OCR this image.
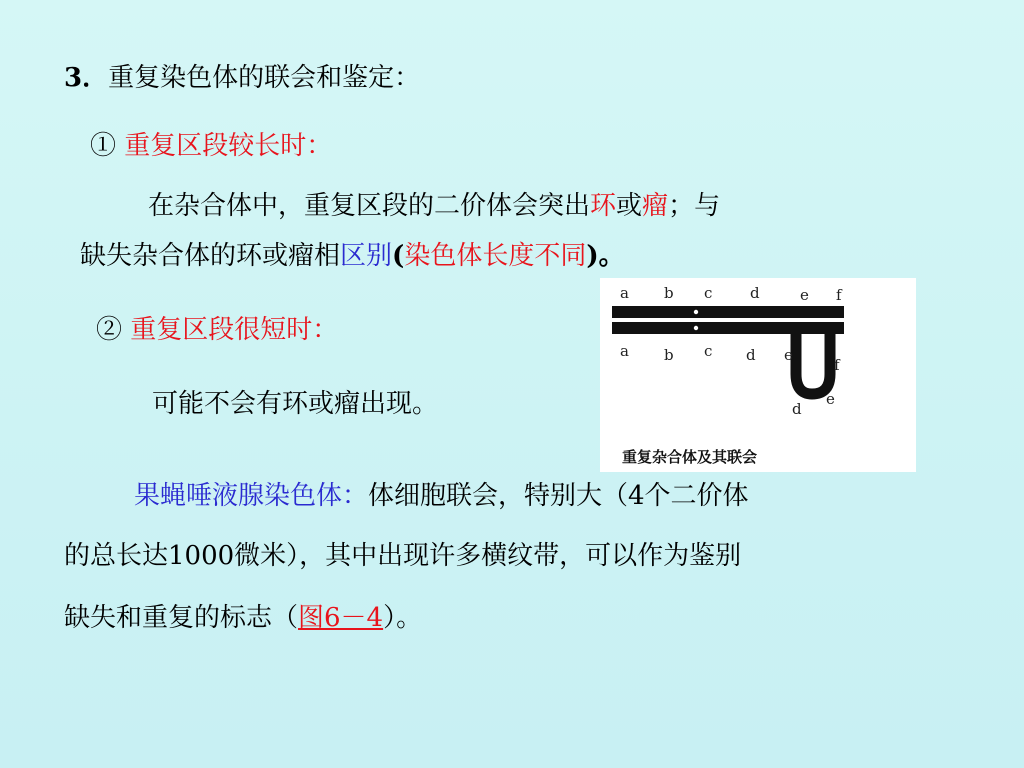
3．重复染色体的联会和鉴定：
① 重复区段较长时：
在杂合体中，重复区段的二价体会突出环或瘤；与
缺失杂合体的环或瘤相区别(染色体长度不同)。
② 重复区段很短时：
可能不会有环或瘤出现。
a b c	d	e f
a b c d e
f
d
e
重复杂合体及其联会
果蝇唾液腺染色体：体细胞联会，特别大（4个二价体
的总长达1000微米），其中出现许多横纹带，可以作为鉴别
缺失和重复的标志（图6－4）。
